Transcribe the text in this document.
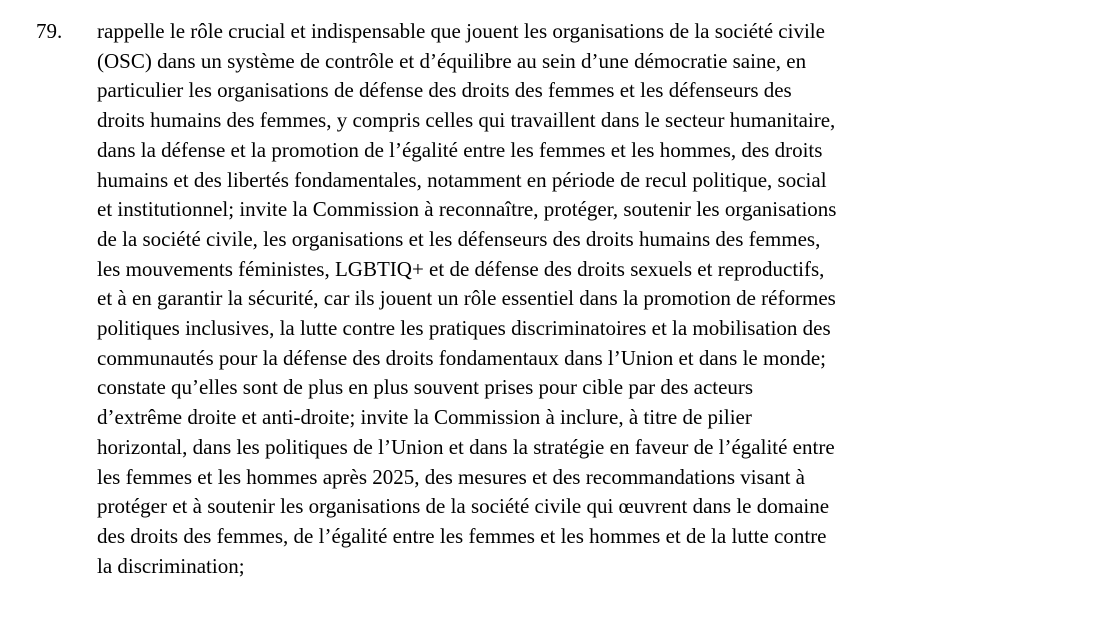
79.	rappelle le rôle crucial et indispensable que jouent les organisations de la société civile
(OSC) dans un système de contrôle et d’équilibre au sein d’une démocratie saine, en
particulier les organisations de défense des droits des femmes et les défenseurs des
droits humains des femmes, y compris celles qui travaillent dans le secteur humanitaire,
dans la défense et la promotion de l’égalité entre les femmes et les hommes, des droits
humains et des libertés fondamentales, notamment en période de recul politique, social
et institutionnel; invite la Commission à reconnaître, protéger, soutenir les organisations
de la société civile, les organisations et les défenseurs des droits humains des femmes,
les mouvements féministes, LGBTIQ+ et de défense des droits sexuels et reproductifs,
et à en garantir la sécurité, car ils jouent un rôle essentiel dans la promotion de réformes
politiques inclusives, la lutte contre les pratiques discriminatoires et la mobilisation des
communautés pour la défense des droits fondamentaux dans l’Union et dans le monde;
constate qu’elles sont de plus en plus souvent prises pour cible par des acteurs
d’extrême droite et anti-droite; invite la Commission à inclure, à titre de pilier
horizontal, dans les politiques de l’Union et dans la stratégie en faveur de l’égalité entre
les femmes et les hommes après 2025, des mesures et des recommandations visant à
protéger et à soutenir les organisations de la société civile qui œuvrent dans le domaine
des droits des femmes, de l’égalité entre les femmes et les hommes et de la lutte contre
la discrimination;
